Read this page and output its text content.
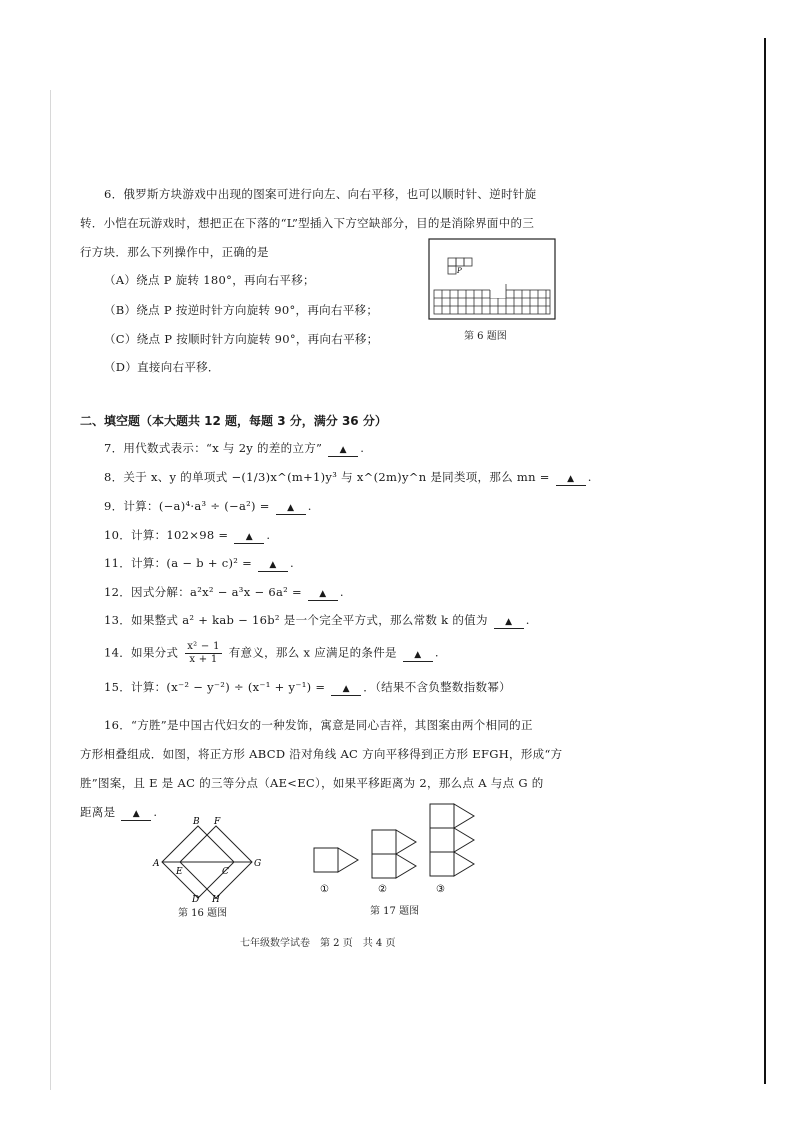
6．俄罗斯方块游戏中出现的图案可进行向左、向右平移，也可以顺时针、逆时针旋
转．小恺在玩游戏时，想把正在下落的“L”型插入下方空缺部分，目的是消除界面中的三
行方块．那么下列操作中，正确的是
（A）绕点 P 旋转 180°，再向右平移；
（B）绕点 P 按逆时针方向旋转 90°，再向右平移；
（C）绕点 P 按顺时针方向旋转 90°，再向右平移；
（D）直接向右平移．
P
第 6 题图
二、填空题（本大题共 12 题，每题 3 分，满分 36 分）
7．用代数式表示：“x 与 2y 的差的立方” ▲ .
8．关于 x、y 的单项式 −(1/3)x^(m+1)y³ 与 x^(2m)y^n 是同类项，那么 mn = ▲ .
9．计算：(−a)⁴·a³ ÷ (−a²) = ▲ .
10．计算：102×98 = ▲ .
11．计算：(a − b + c)² = ▲ .
12．因式分解：a²x² − a³x − 6a² = ▲ .
13．如果整式 a² + kab − 16b² 是一个完全平方式，那么常数 k 的值为 ▲ .
14．如果分式 $\frac{\text{x² − 1}}{x + 1}$ 有意义，那么 x 应满足的条件是 ▲ .
15．计算：(x⁻² − y⁻²) ÷ (x⁻¹ + y⁻¹) = ▲ ．（结果不含负整数指数幂）
16．“方胜”是中国古代妇女的一种发饰，寓意是同心吉祥，其图案由两个相同的正
方形相叠组成．如图，将正方形 ABCD 沿对角线 AC 方向平移得到正方形 EFGH，形成“方
胜”图案，且 E 是 AC 的三等分点（AE<EC），如果平移距离为 2，那么点 A 与点 G 的
距离是 ▲ .
A
B F
E	C
G
D H
第 16 题图
①	②	③
第 17 题图
七年级数学试卷　第 2 页　共 4 页
